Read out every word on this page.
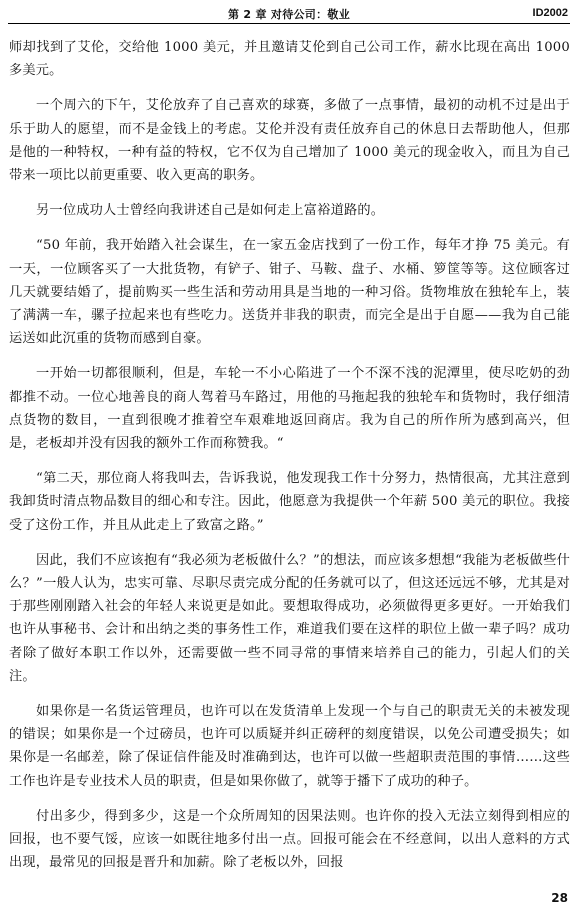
第 2 章 对待公司：敬业	ID2002

师却找到了艾伦，交给他 1000 美元，并且邀请艾伦到自己公司工作，薪水比现在高出 1000 多美元。

一个周六的下午，艾伦放弃了自己喜欢的球赛，多做了一点事情，最初的动机不过是出于乐于助人的愿望，而不是金钱上的考虑。艾伦并没有责任放弃自己的休息日去帮助他人，但那是他的一种特权，一种有益的特权，它不仅为自己增加了 1000 美元的现金收入，而且为自己带来一项比以前更重要、收入更高的职务。

另一位成功人士曾经向我讲述自己是如何走上富裕道路的。

“50 年前，我开始踏入社会谋生，在一家五金店找到了一份工作，每年才挣 75 美元。有一天，一位顾客买了一大批货物，有铲子、钳子、马鞍、盘子、水桶、箩筐等等。这位顾客过几天就要结婚了，提前购买一些生活和劳动用具是当地的一种习俗。货物堆放在独轮车上，装了满满一车，骡子拉起来也有些吃力。送货并非我的职责，而完全是出于自愿——我为自己能运送如此沉重的货物而感到自豪。

一开始一切都很顺利，但是，车轮一不小心陷进了一个不深不浅的泥潭里，使尽吃奶的劲都推不动。一位心地善良的商人驾着马车路过，用他的马拖起我的独轮车和货物时，我仔细清点货物的数目，一直到很晚才推着空车艰难地返回商店。我为自己的所作所为感到高兴，但是，老板却并没有因我的额外工作而称赞我。“

“第二天，那位商人将我叫去，告诉我说，他发现我工作十分努力，热情很高，尤其注意到我卸货时清点物品数目的细心和专注。因此，他愿意为我提供一个年薪 500 美元的职位。我接受了这份工作，并且从此走上了致富之路。”

因此，我们不应该抱有“我必须为老板做什么？”的想法，而应该多想想“我能为老板做些什么？”一般人认为，忠实可靠、尽职尽责完成分配的任务就可以了，但这还远远不够，尤其是对于那些刚刚踏入社会的年轻人来说更是如此。要想取得成功，必须做得更多更好。一开始我们也许从事秘书、会计和出纳之类的事务性工作，难道我们要在这样的职位上做一辈子吗？成功者除了做好本职工作以外，还需要做一些不同寻常的事情来培养自己的能力，引起人们的关注。

如果你是一名货运管理员，也许可以在发货清单上发现一个与自己的职责无关的未被发现的错误；如果你是一个过磅员，也许可以质疑并纠正磅秤的刻度错误，以免公司遭受损失；如果你是一名邮差，除了保证信件能及时准确到达，也许可以做一些超职责范围的事情……这些工作也许是专业技术人员的职责，但是如果你做了，就等于播下了成功的种子。

付出多少，得到多少，这是一个众所周知的因果法则。也许你的投入无法立刻得到相应的回报，也不要气馁，应该一如既往地多付出一点。回报可能会在不经意间，以出人意料的方式出现，最常见的回报是晋升和加薪。除了老板以外，回报

28
